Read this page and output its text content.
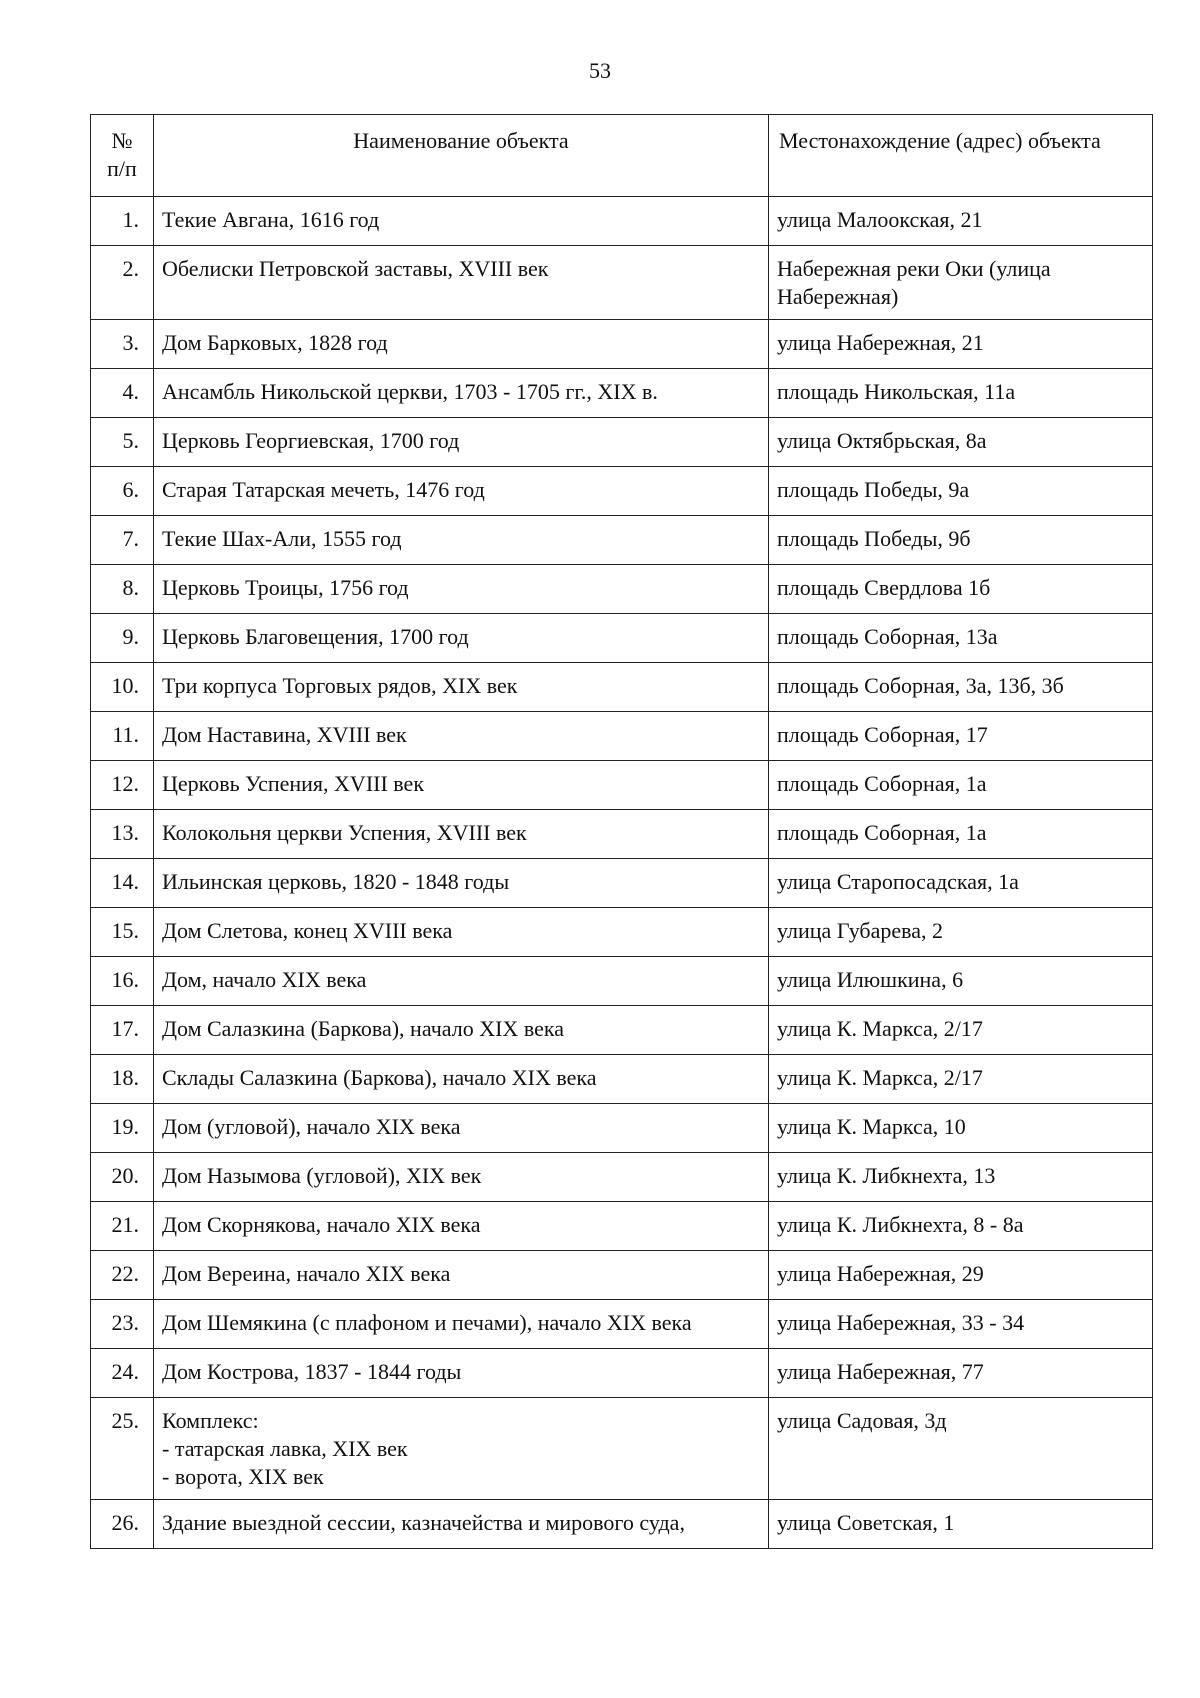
53
№
п/п	Наименование объекта	Местонахождение (адрес) объекта
1.	Текие Авгана, 1616 год	улица Малоокская, 21

2.	Обелиски Петровской заставы, XVIII век	Набережная реки Оки (улица
Набережная)

3.	Дом Барковых, 1828 год	улица Набережная, 21

4.	Ансамбль Никольской церкви, 1703 - 1705 гг., XIX в.	площадь Никольская, 11а

5.	Церковь Георгиевская, 1700 год	улица Октябрьская, 8а

6.	Старая Татарская мечеть, 1476 год	площадь Победы, 9а

7.	Текие Шах-Али, 1555 год	площадь Победы, 9б

8.	Церковь Троицы, 1756 год	площадь Свердлова 1б

9.	Церковь Благовещения, 1700 год	площадь Соборная, 13а

10.	Три корпуса Торговых рядов, XIX век	площадь Соборная, 3а, 13б, 3б

11.	Дом Наставина, XVIII век	площадь Соборная, 17

12.	Церковь Успения, XVIII век	площадь Соборная, 1а

13.	Колокольня церкви Успения, XVIII век	площадь Соборная, 1а

14.	Ильинская церковь, 1820 - 1848 годы	улица Старопосадская, 1а

15.	Дом Слетова, конец XVIII века	улица Губарева, 2

16.	Дом, начало XIX века	улица Илюшкина, 6

17.	Дом Салазкина (Баркова), начало XIX века	улица К. Маркса, 2/17

18.	Склады Салазкина (Баркова), начало XIX века	улица К. Маркса, 2/17

19.	Дом (угловой), начало XIX века	улица К. Маркса, 10

20.	Дом Назымова (угловой), XIX век	улица К. Либкнехта, 13

21.	Дом Скорнякова, начало XIX века	улица К. Либкнехта, 8 - 8а

22.	Дом Вереина, начало XIX века	улица Набережная, 29

23.	Дом Шемякина (с плафоном и печами), начало XIX века	улица Набережная, 33 - 34

24.	Дом Кострова, 1837 - 1844 годы	улица Набережная, 77

25.	Комплекс:
- татарская лавка, XIX век
- ворота, XIX век	улица Садовая, 3д

26.	Здание выездной сессии, казначейства и мирового суда,	улица Советская, 1
